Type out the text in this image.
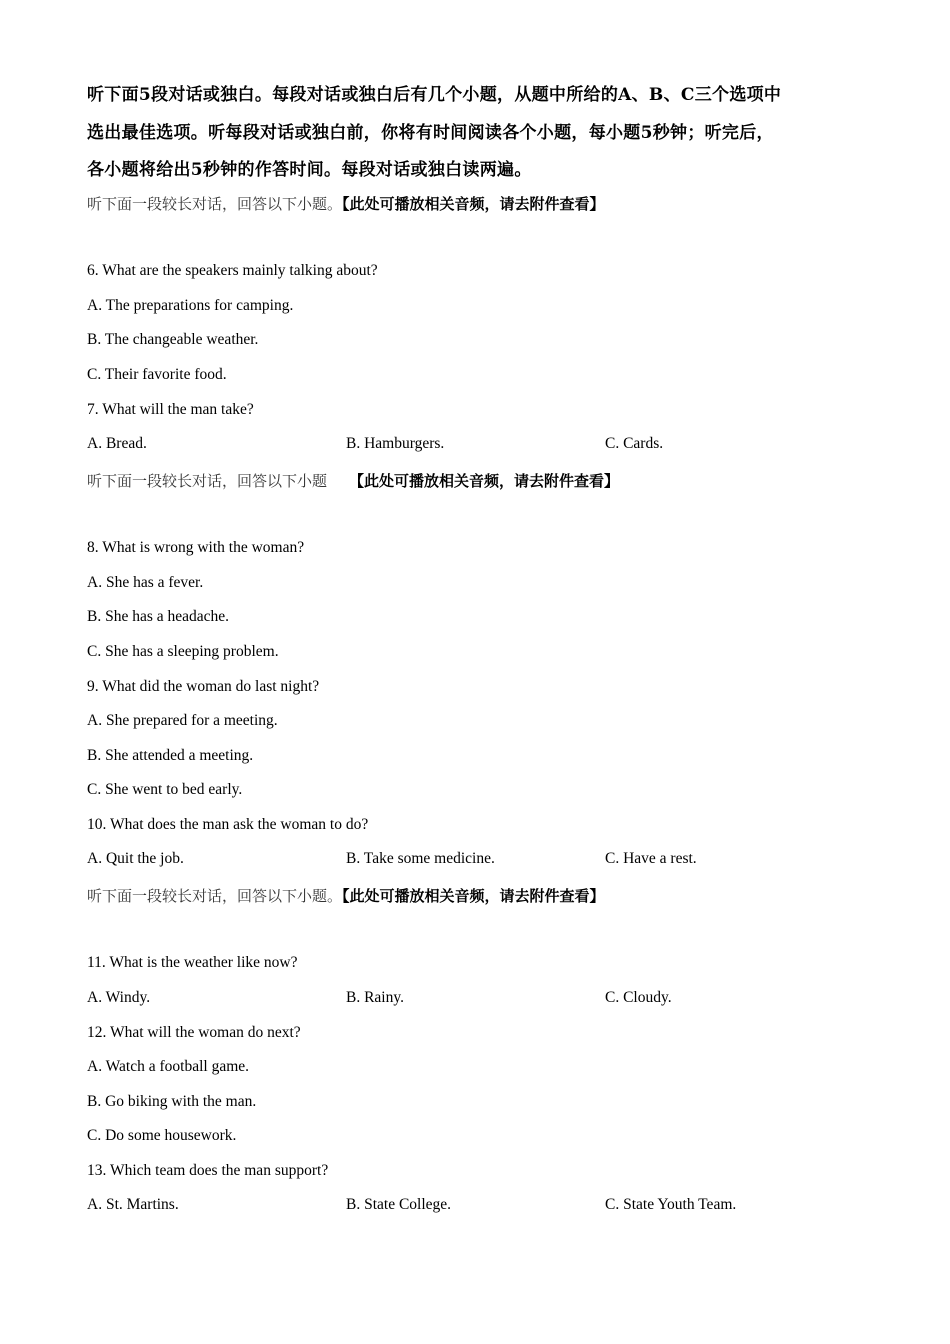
听下面5段对话或独白。每段对话或独白后有几个小题，从题中所给的A、B、C三个选项中
选出最佳选项。听每段对话或独白前，你将有时间阅读各个小题，每小题5秒钟；听完后，
各小题将给出5秒钟的作答时间。每段对话或独白读两遍。
听下面一段较长对话，回答以下小题。【此处可播放相关音频，请去附件查看】
6. What are the speakers mainly talking about?
A. The preparations for camping.
B. The changeable weather.
C. Their favorite food.
7. What will the man take?
A. Bread.	B. Hamburgers.	C. Cards.
听下面一段较长对话，回答以下小题 【此处可播放相关音频，请去附件查看】
8. What is wrong with the woman?
A. She has a fever.
B. She has a headache.
C. She has a sleeping problem.
9. What did the woman do last night?
A. She prepared for a meeting.
B. She attended a meeting.
C. She went to bed early.
10. What does the man ask the woman to do?
A. Quit the job.	B. Take some medicine.	C. Have a rest.
听下面一段较长对话，回答以下小题。【此处可播放相关音频，请去附件查看】
11. What is the weather like now?
A. Windy.	B. Rainy.	C. Cloudy.
12. What will the woman do next?
A. Watch a football game.
B. Go biking with the man.
C. Do some housework.
13. Which team does the man support?
A. St. Martins.	B. State College.	C. State Youth Team.
